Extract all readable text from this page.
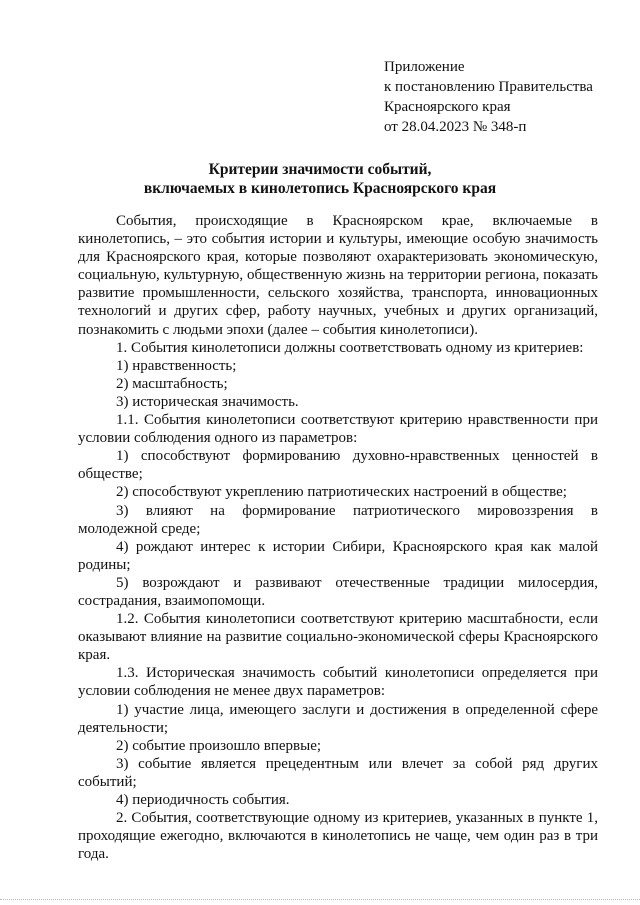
Приложение
к постановлению Правительства
Красноярского края
от 28.04.2023 № 348-п
Критерии значимости событий,
включаемых в кинолетопись Красноярского края

События, происходящие в Красноярском крае, включаемые в кинолетопись, – это события истории и культуры, имеющие особую значимость для Красноярского края, которые позволяют охарактеризовать экономическую, социальную, культурную, общественную жизнь на территории региона, показать развитие промышленности, сельского хозяйства, транспорта, инновационных технологий и других сфер, работу научных, учебных и других организаций, познакомить с людьми эпохи (далее – события кинолетописи).

1. События кинолетописи должны соответствовать одному из критериев:

1) нравственность;

2) масштабность;

3) историческая значимость.

1.1. События кинолетописи соответствуют критерию нравственности при условии соблюдения одного из параметров:

1) способствуют формированию духовно-нравственных ценностей в обществе;

2) способствуют укреплению патриотических настроений в обществе;

3) влияют на формирование патриотического мировоззрения в молодежной среде;

4) рождают интерес к истории Сибири, Красноярского края как малой родины;

5) возрождают и развивают отечественные традиции милосердия, сострадания, взаимопомощи.

1.2. События кинолетописи соответствуют критерию масштабности, если оказывают влияние на развитие социально-экономической сферы Красноярского края.

1.3. Историческая значимость событий кинолетописи определяется при условии соблюдения не менее двух параметров:

1) участие лица, имеющего заслуги и достижения в определенной сфере деятельности;

2) событие произошло впервые;

3) событие является прецедентным или влечет за собой ряд других событий;

4) периодичность события.

2. События, соответствующие одному из критериев, указанных в пункте 1, проходящие ежегодно, включаются в кинолетопись не чаще, чем один раз в три года.
